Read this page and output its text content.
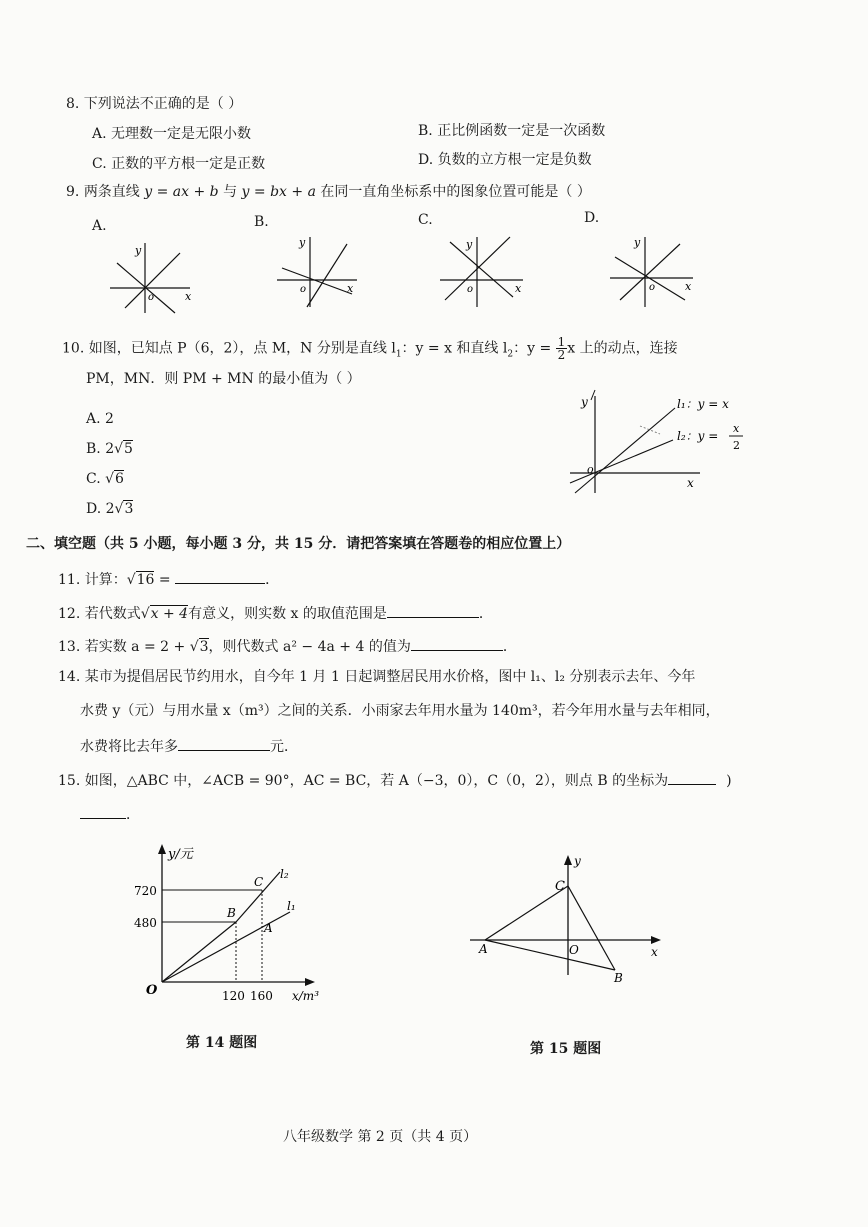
8. 下列说法不正确的是（ ）
A. 无理数一定是无限小数	B. 正比例函数一定是一次函数
C. 正数的平方根一定是正数	D. 负数的立方根一定是负数
9. 两条直线 y = ax + b 与 y = bx + a 在同一直角坐标系中的图象位置可能是（ ）
A.	B.	C.	D.
y
x
o
y
x
o
y
x
o
y
x
o
10. 如图，已知点 P（6，2），点 M，N 分别是直线 $l_1$：y = x 和直线 $l_2$：$y = \frac{1}{2}$ x 上的动点，连接
PM，MN．则 PM + MN 的最小值为（ ）
A. 2
B. 2√5
C. √6
D. 2√3
y
x
o
l₁：y = x
l₂：y =
x
2
二、填空题（共 5 小题，每小题 3 分，共 15 分．请把答案填在答题卷的相应位置上）
11. 计算：√16 =	．
12. 若代数式√x + 4有意义，则实数 x 的取值范围是	．
13. 若实数 a = 2 + √3，则代数式 a² − 4a + 4 的值为	．
14. 某市为提倡居民节约用水，自今年 1 月 1 日起调整居民用水价格，图中 l₁、l₂ 分别表示去年、今年
水费 y（元）与用水量 x（m³）之间的关系．小雨家去年用水量为 140m³，若今年用水量与去年相同，
水费将比去年多	元．
15. 如图，△ABC 中，∠ACB = 90°，AC = BC，若 A（−3，0），C（0，2），则点 B 的坐标为	)
．
y/元
x/m³
O
720
480
120 160
B
C
A
l₂
l₁
第 14 题图
y
x
O
A
B
C
第 15 题图
八年级数学 第 2 页（共 4 页）
